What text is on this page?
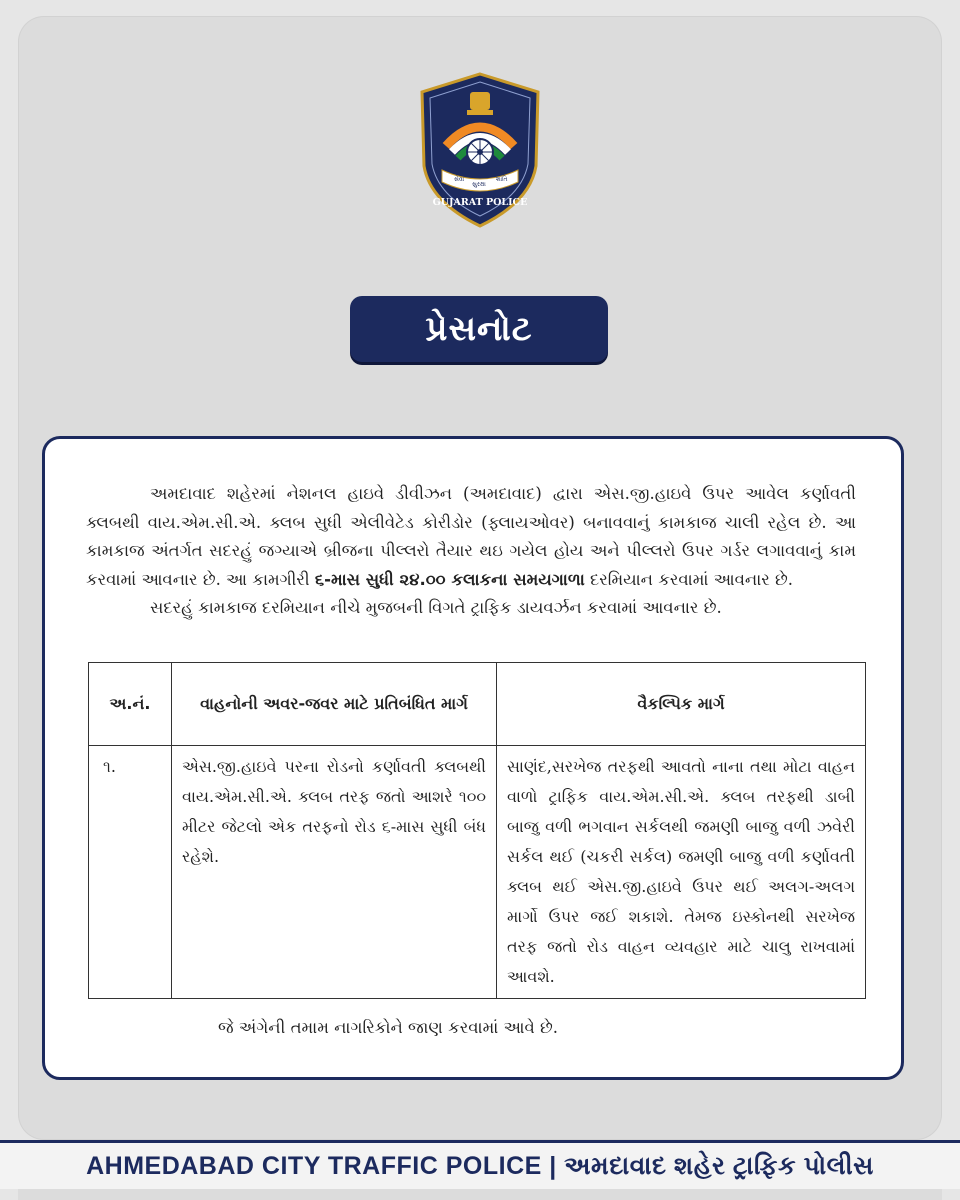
સેવા
સુરક્ષા
શાંતિ
GUJARAT POLICE
પ્રેસનોટ

અમદાવાદ શહેરમાં નેશનલ હાઇવે ડીવીઝન (અમદાવાદ) દ્વારા એસ.જી.હાઇવે ઉપર આવેલ કર્ણાવતી ક્લબથી વાય.એમ.સી.એ. ક્લબ સુધી એલીવેટેડ કોરીડોર (ફ્લાયઓવર) બનાવવાનું કામકાજ ચાલી રહેલ છે. આ કામકાજ અંતર્ગત સદરહું જગ્યાએ બ્રીજના પીલ્લરો તૈયાર થઇ ગયેલ હોય અને પીલ્લરો ઉપર ગર્ડર લગાવવાનું કામ કરવામાં આવનાર છે. આ કામગીરી ૬-માસ સુધી ૨૪.૦૦ કલાકના સમયગાળા દરમિયાન કરવામાં આવનાર છે.

સદરહું કામકાજ દરમિયાન નીચે મુજબની વિગતે ટ્રાફિક ડાયવર્ઝન કરવામાં આવનાર છે.

અ.નં.	વાહનોની અવર-જવર માટે પ્રતિબંધિત માર્ગ	વૈકલ્પિક માર્ગ
૧.	એસ.જી.હાઇવે પરના રોડનો કર્ણાવતી ક્લબથી વાય.એમ.સી.એ. ક્લબ તરફ જતો આશરે ૧૦૦ મીટર જેટલો એક તરફનો રોડ ૬-માસ સુધી બંધ રહેશે.	સાણંદ,સરખેજ તરફથી આવતો નાના તથા મોટા વાહન વાળો ટ્રાફિક વાય.એમ.સી.એ. ક્લબ તરફથી ડાબી બાજુ વળી ભગવાન સર્કલથી જમણી બાજુ વળી ઝવેરી સર્કલ થઈ (ચકરી સર્કલ) જમણી બાજુ વળી કર્ણાવતી ક્લબ થઈ એસ.જી.હાઇવે ઉપર થઈ અલગ-અલગ માર્ગો ઉપર જઈ શકાશે. તેમજ ઇસ્કોનથી સરખેજ તરફ જતો રોડ વાહન વ્યવહાર માટે ચાલુ રાખવામાં આવશે.
જે અંગેની તમામ નાગરિકોને જાણ કરવામાં આવે છે.
AHMEDABAD CITY TRAFFIC POLICE | અમદાવાદ શહેર ટ્રાફિક પોલીસ
